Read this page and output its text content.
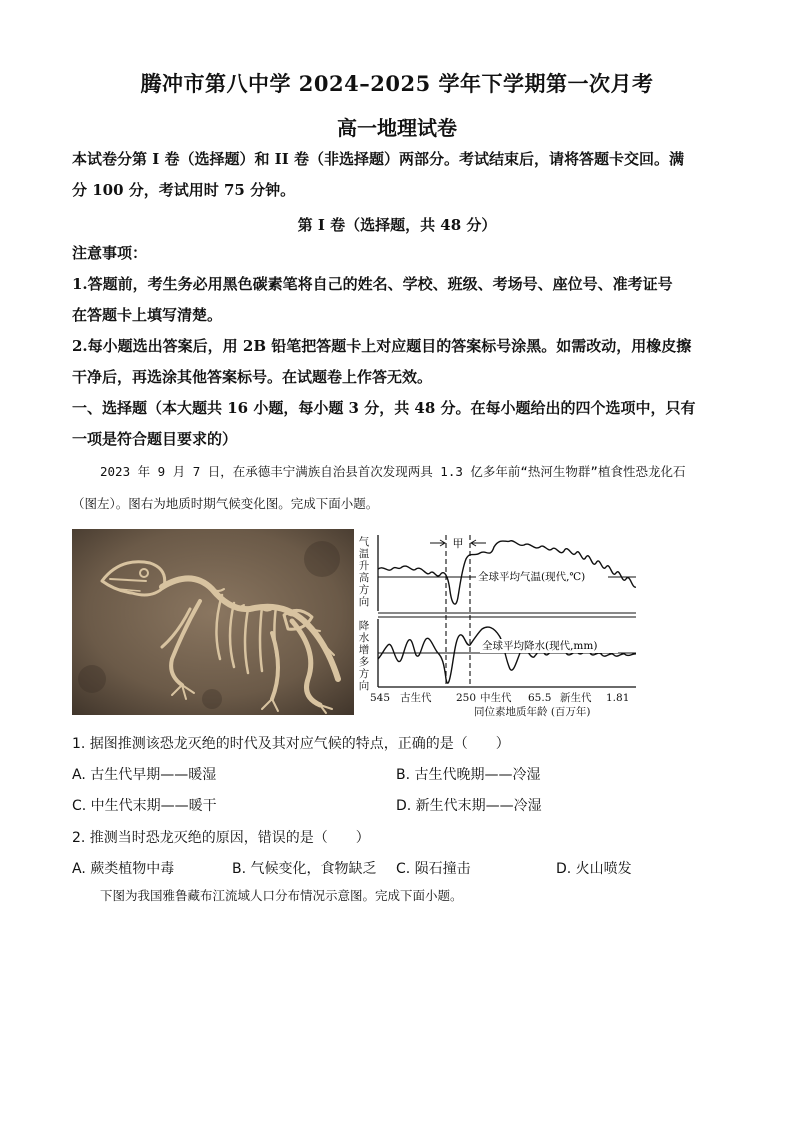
腾冲市第八中学 2024–2025 学年下学期第一次月考
高一地理试卷
本试卷分第 I 卷（选择题）和 II 卷（非选择题）两部分。考试结束后，请将答题卡交回。满
分 100 分，考试用时 75 分钟。
第 I 卷（选择题，共 48 分）
注意事项：
1.答题前，考生务必用黑色碳素笔将自己的姓名、学校、班级、考场号、座位号、准考证号
在答题卡上填写清楚。
2.每小题选出答案后，用 2B 铅笔把答题卡上对应题目的答案标号涂黑。如需改动，用橡皮擦
干净后，再选涂其他答案标号。在试题卷上作答无效。
一、选择题（本大题共 16 小题，每小题 3 分，共 48 分。在每小题给出的四个选项中，只有
一项是符合题目要求的）
2023 年 9 月 7 日，在承德丰宁满族自治县首次发现两具 1.3 亿多年前“热河生物群”植食性恐龙化石
（图左）。图右为地质时期气候变化图。完成下面小题。
气
温
升
高
方
向
降
水
增
多
方
向
甲
全球平均气温(现代,℃)
全球平均降水(现代,mm)
545 古生代 250 中生代 65.5 新生代 1.81
同位素地质年龄 (百万年)
1. 据图推测该恐龙灭绝的时代及其对应气候的特点，正确的是（　　）
A. 古生代早期——暖湿	B. 古生代晚期——冷湿
C. 中生代末期——暖干	D. 新生代末期——冷湿
2. 推测当时恐龙灭绝的原因，错误的是（　　）
A. 蕨类植物中毒	B. 气候变化，食物缺乏 C. 陨石撞击	D. 火山喷发
下图为我国雅鲁藏布江流域人口分布情况示意图。完成下面小题。
